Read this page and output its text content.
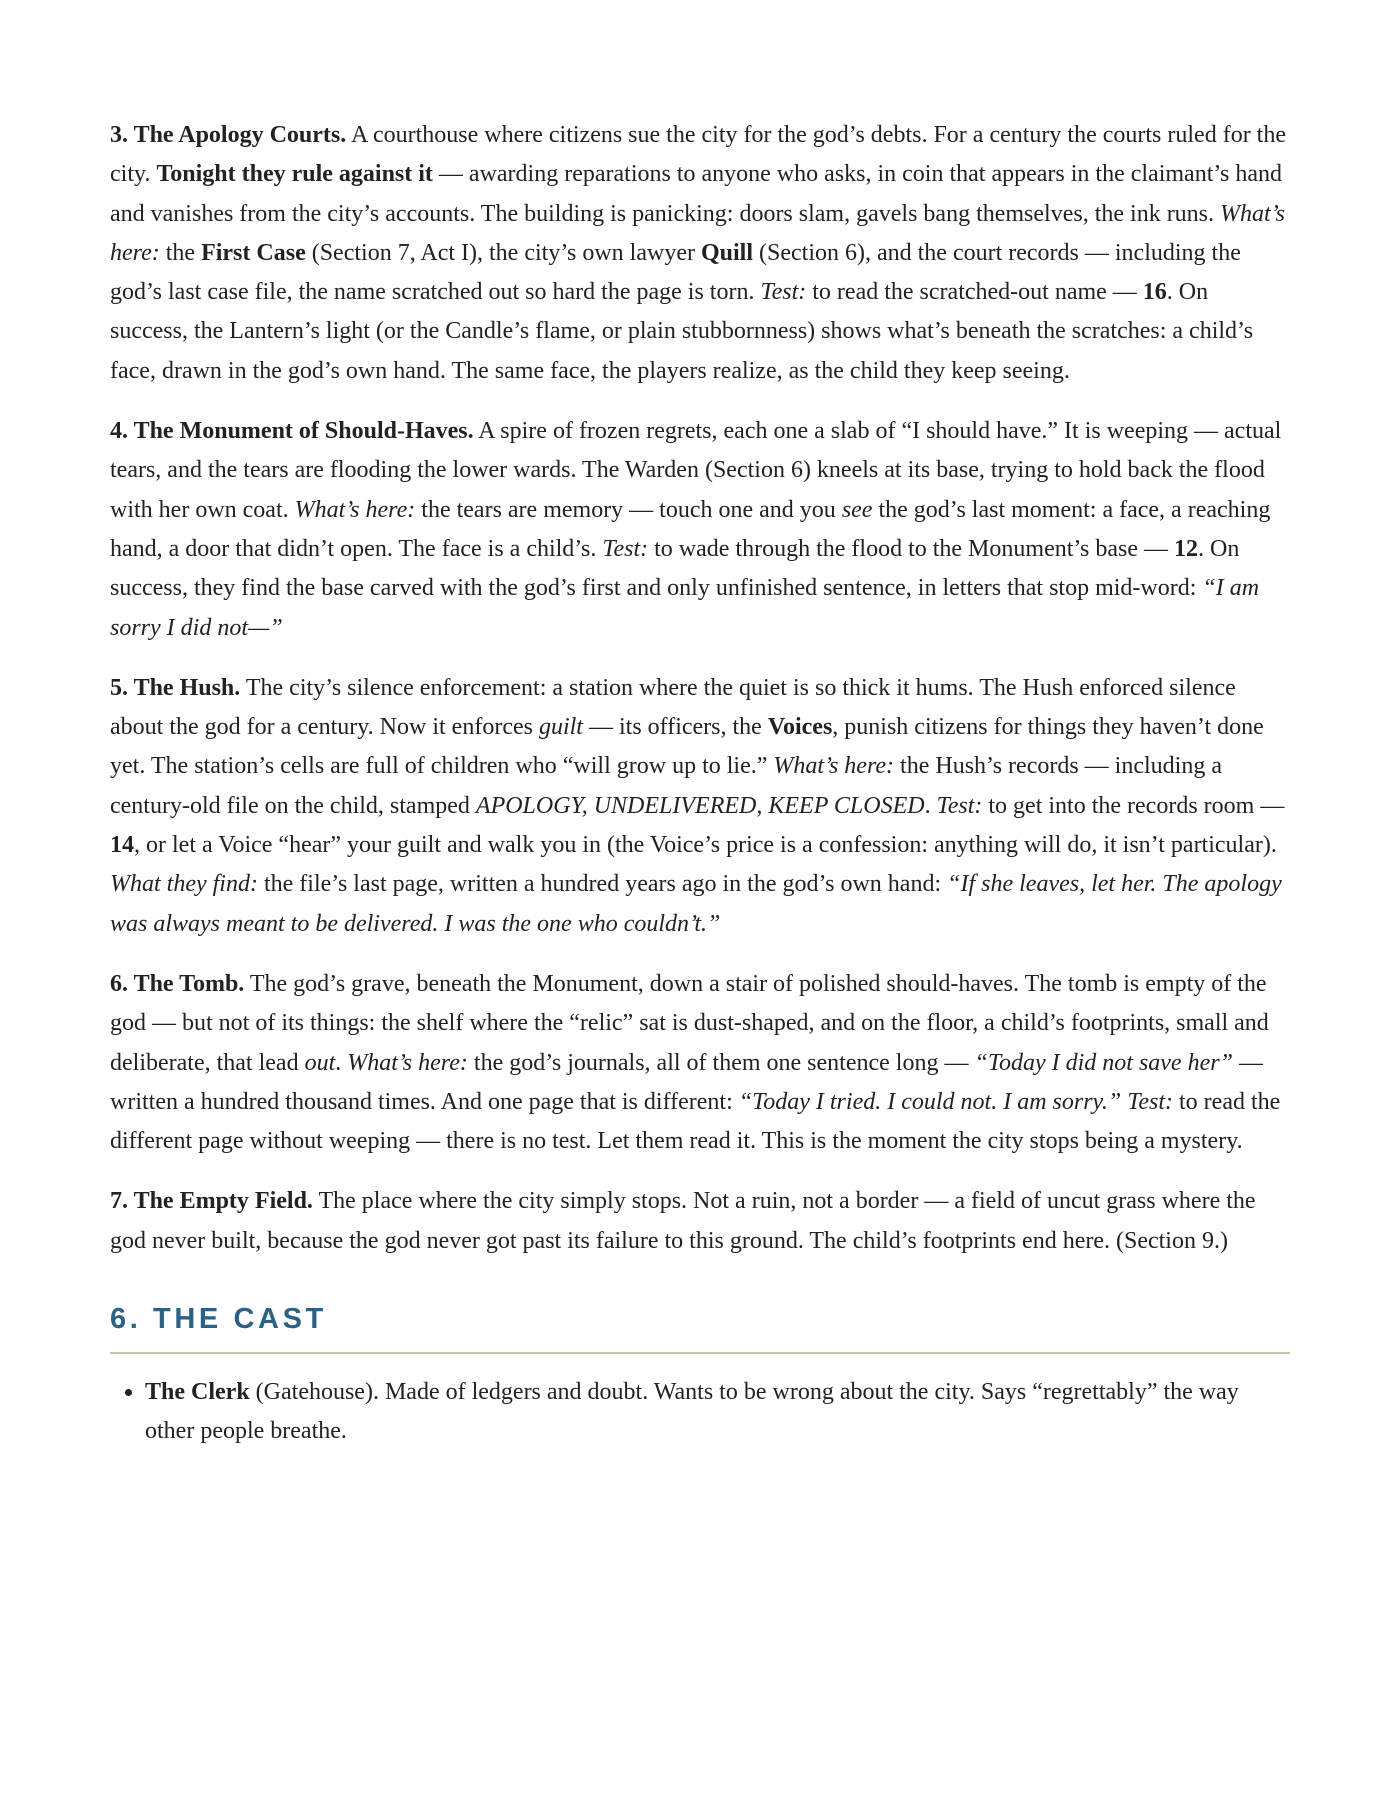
3. The Apology Courts. A courthouse where citizens sue the city for the god’s debts. For a century the courts ruled for the city. Tonight they rule against it — awarding reparations to anyone who asks, in coin that appears in the claimant’s hand and vanishes from the city’s accounts. The building is panicking: doors slam, gavels bang themselves, the ink runs. What’s here: the First Case (Section 7, Act I), the city’s own lawyer Quill (Section 6), and the court records — including the god’s last case file, the name scratched out so hard the page is torn. Test: to read the scratched-out name — 16. On success, the Lantern’s light (or the Candle’s flame, or plain stubbornness) shows what’s beneath the scratches: a child’s face, drawn in the god’s own hand. The same face, the players realize, as the child they keep seeing.

4. The Monument of Should-Haves. A spire of frozen regrets, each one a slab of “I should have.” It is weeping — actual tears, and the tears are flooding the lower wards. The Warden (Section 6) kneels at its base, trying to hold back the flood with her own coat. What’s here: the tears are memory — touch one and you see the god’s last moment: a face, a reaching hand, a door that didn’t open. The face is a child’s. Test: to wade through the flood to the Monument’s base — 12. On success, they find the base carved with the god’s first and only unfinished sentence, in letters that stop mid-word: “I am sorry I did not—”

5. The Hush. The city’s silence enforcement: a station where the quiet is so thick it hums. The Hush enforced silence about the god for a century. Now it enforces guilt — its officers, the Voices, punish citizens for things they haven’t done yet. The station’s cells are full of children who “will grow up to lie.” What’s here: the Hush’s records — including a century-old file on the child, stamped APOLOGY, UNDELIVERED, KEEP CLOSED. Test: to get into the records room — 14, or let a Voice “hear” your guilt and walk you in (the Voice’s price is a confession: anything will do, it isn’t particular). What they find: the file’s last page, written a hundred years ago in the god’s own hand: “If she leaves, let her. The apology was always meant to be delivered. I was the one who couldn’t.”

6. The Tomb. The god’s grave, beneath the Monument, down a stair of polished should-haves. The tomb is empty of the god — but not of its things: the shelf where the “relic” sat is dust-shaped, and on the floor, a child’s footprints, small and deliberate, that lead out. What’s here: the god’s journals, all of them one sentence long — “Today I did not save her” — written a hundred thousand times. And one page that is different: “Today I tried. I could not. I am sorry.” Test: to read the different page without weeping — there is no test. Let them read it. This is the moment the city stops being a mystery.

7. The Empty Field. The place where the city simply stops. Not a ruin, not a border — a field of uncut grass where the god never built, because the god never got past its failure to this ground. The child’s footprints end here. (Section 9.)

6. THE CAST
• The Clerk (Gatehouse). Made of ledgers and doubt. Wants to be wrong about the city. Says “regrettably” the way other people breathe.
